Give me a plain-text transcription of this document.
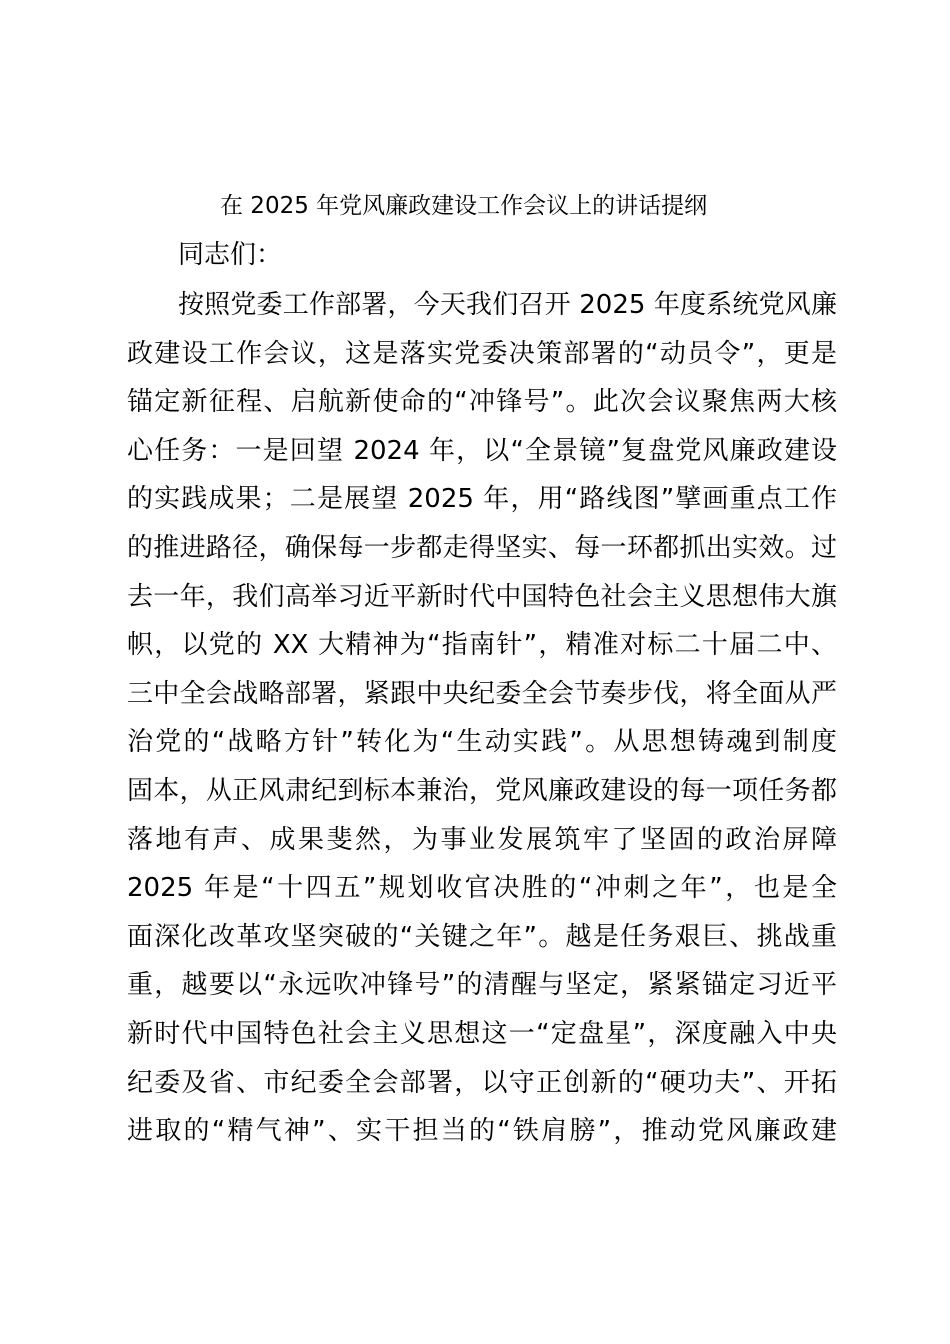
在 2025 年党风廉政建设工作会议上的讲话提纲
同志们：
按照党委工作部署，今天我们召开 2025 年度系统党风廉
政建设工作会议，这是落实党委决策部署的“动员令”，更是
锚定新征程、启航新使命的“冲锋号”。此次会议聚焦两大核
心任务：一是回望 2024 年，以“全景镜”复盘党风廉政建设
的实践成果；二是展望 2025 年，用“路线图”擘画重点工作
的推进路径，确保每一步都走得坚实、每一环都抓出实效。过
去一年，我们高举习近平新时代中国特色社会主义思想伟大旗
帜，以党的 XX 大精神为“指南针”，精准对标二十届二中、
三中全会战略部署，紧跟中央纪委全会节奏步伐，将全面从严
治党的“战略方针”转化为“生动实践”。从思想铸魂到制度
固本，从正风肃纪到标本兼治，党风廉政建设的每一项任务都
落地有声、成果斐然，为事业发展筑牢了坚固的政治屏障
2025 年是“十四五”规划收官决胜的“冲刺之年”，也是全
面深化改革攻坚突破的“关键之年”。越是任务艰巨、挑战重
重，越要以“永远吹冲锋号”的清醒与坚定，紧紧锚定习近平
新时代中国特色社会主义思想这一“定盘星”，深度融入中央
纪委及省、市纪委全会部署，以守正创新的“硬功夫”、开拓
进取的“精气神”、实干担当的“铁肩膀”，推动党风廉政建
